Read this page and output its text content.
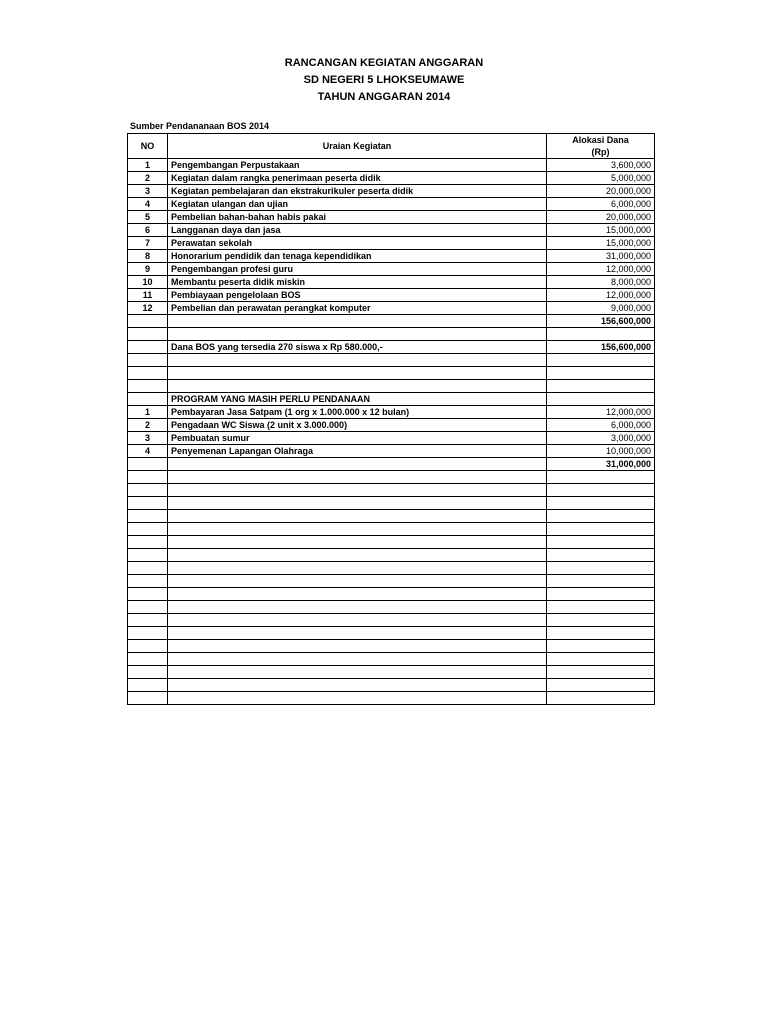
RANCANGAN KEGIATAN ANGGARAN
SD NEGERI 5 LHOKSEUMAWE
TAHUN ANGGARAN 2014
Sumber Pendananaan BOS 2014
NO	Uraian Kegiatan	Alokasi Dana
(Rp)

1	Pengembangan Perpustakaan	3,600,000
2	Kegiatan dalam rangka penerimaan peserta didik	5,000,000
3	Kegiatan pembelajaran dan ekstrakurikuler peserta didik	20,000,000
4	Kegiatan ulangan dan ujian	6,000,000
5	Pembelian bahan-bahan habis pakai	20,000,000
6	Langganan daya dan jasa	15,000,000
7	Perawatan sekolah	15,000,000
8	Honorarium pendidik dan tenaga kependidikan	31,000,000
9	Pengembangan profesi guru	12,000,000
10	Membantu peserta didik miskin	8,000,000
11	Pembiayaan pengelolaan BOS	12,000,000
12	Pembelian dan perawatan perangkat komputer	9,000,000
		156,600,000

	Dana BOS yang tersedia 270 siswa x Rp 580.000,-	156,600,000

	PROGRAM YANG MASIH PERLU PENDANAAN	
1	Pembayaran Jasa Satpam (1 org x 1.000.000 x 12 bulan)	12,000,000
2	Pengadaan WC Siswa (2 unit x 3.000.000)	6,000,000
3	Pembuatan sumur	3,000,000
4	Penyemenan Lapangan Olahraga	10,000,000
		31,000,000
